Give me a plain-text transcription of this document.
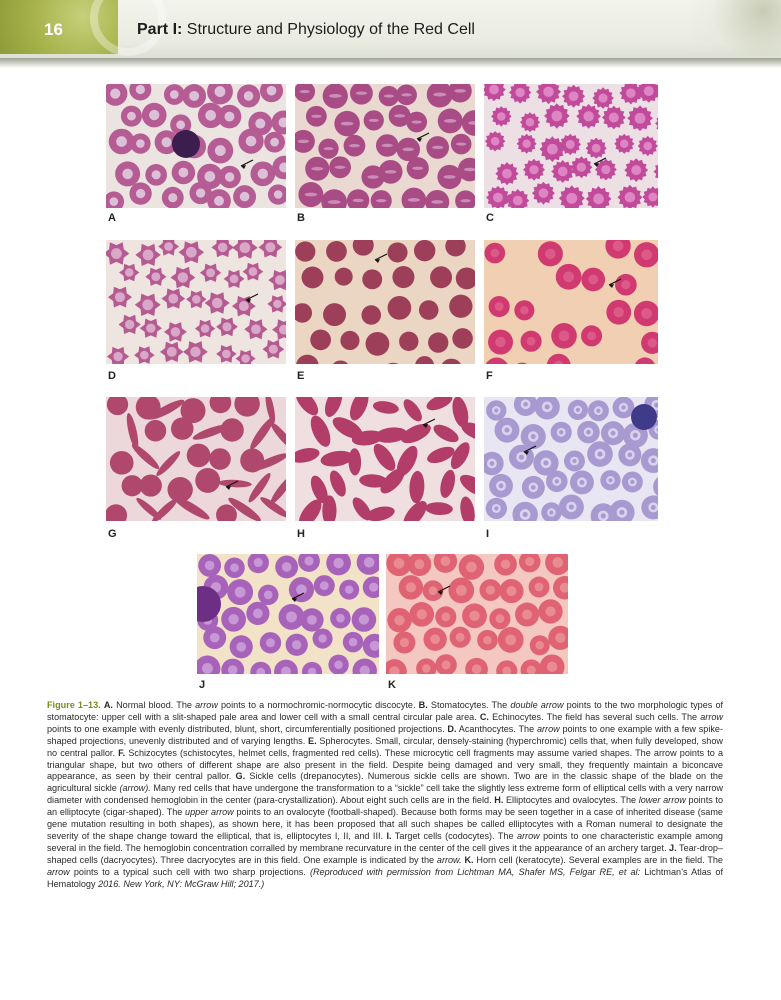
16	Part I: Structure and Physiology of the Red Cell
A	B	C
D	E	F
G	H	I
J	K
Figure 1–13. A. Normal blood. The arrow points to a normochromic-normocytic discocyte. B. Stomatocytes. The double arrow points to the two morphologic types of stomatocyte: upper cell with a slit-shaped pale area and lower cell with a small central circular pale area. C. Echinocytes. The field has several such cells. The arrow points to one example with evenly distributed, blunt, short, circumferentially positioned projections. D. Acanthocytes. The arrow points to one example with a few spike-shaped projections, unevenly distributed and of varying lengths. E. Spherocytes. Small, circular, densely-staining (hyperchromic) cells that, when fully developed, show no central pallor. F. Schizocytes (schistocytes, helmet cells, fragmented red cells). These microcytic cell fragments may assume varied shapes. The arrow points to a triangular shape, but two others of different shape are also present in the field. Despite being damaged and very small, they frequently maintain a biconcave appearance, as seen by their central pallor. G. Sickle cells (drepanocytes). Numerous sickle cells are shown. Two are in the classic shape of the blade on the agricultural sickle (arrow). Many red cells that have undergone the transformation to a “sickle” cell take the slightly less extreme form of elliptical cells with a very narrow diameter with condensed hemoglobin in the center (para-crystallization). About eight such cells are in the field. H. Elliptocytes and ovalocytes. The lower arrow points to an elliptocyte (cigar-shaped). The upper arrow points to an ovalocyte (football-shaped). Because both forms may be seen together in a case of inherited disease (same gene mutation resulting in both shapes), as shown here, it has been proposed that all such shapes be called elliptocytes with a Roman numeral to designate the severity of the shape change toward the elliptical, that is, elliptocytes I, II, and III. I. Target cells (codocytes). The arrow points to one characteristic example among several in the field. The hemoglobin concentration corralled by membrane recurvature in the center of the cell gives it the appearance of an archery target. J. Tear-drop–shaped cells (dacryocytes). Three dacryocytes are in this field. One example is indicated by the arrow. K. Horn cell (keratocyte). Several examples are in the field. The arrow points to a typical such cell with two sharp projections. (Reproduced with permission from Lichtman MA, Shafer MS, Felgar RE, et al: Lichtman’s Atlas of Hematology 2016. New York, NY: McGraw Hill; 2017.)
